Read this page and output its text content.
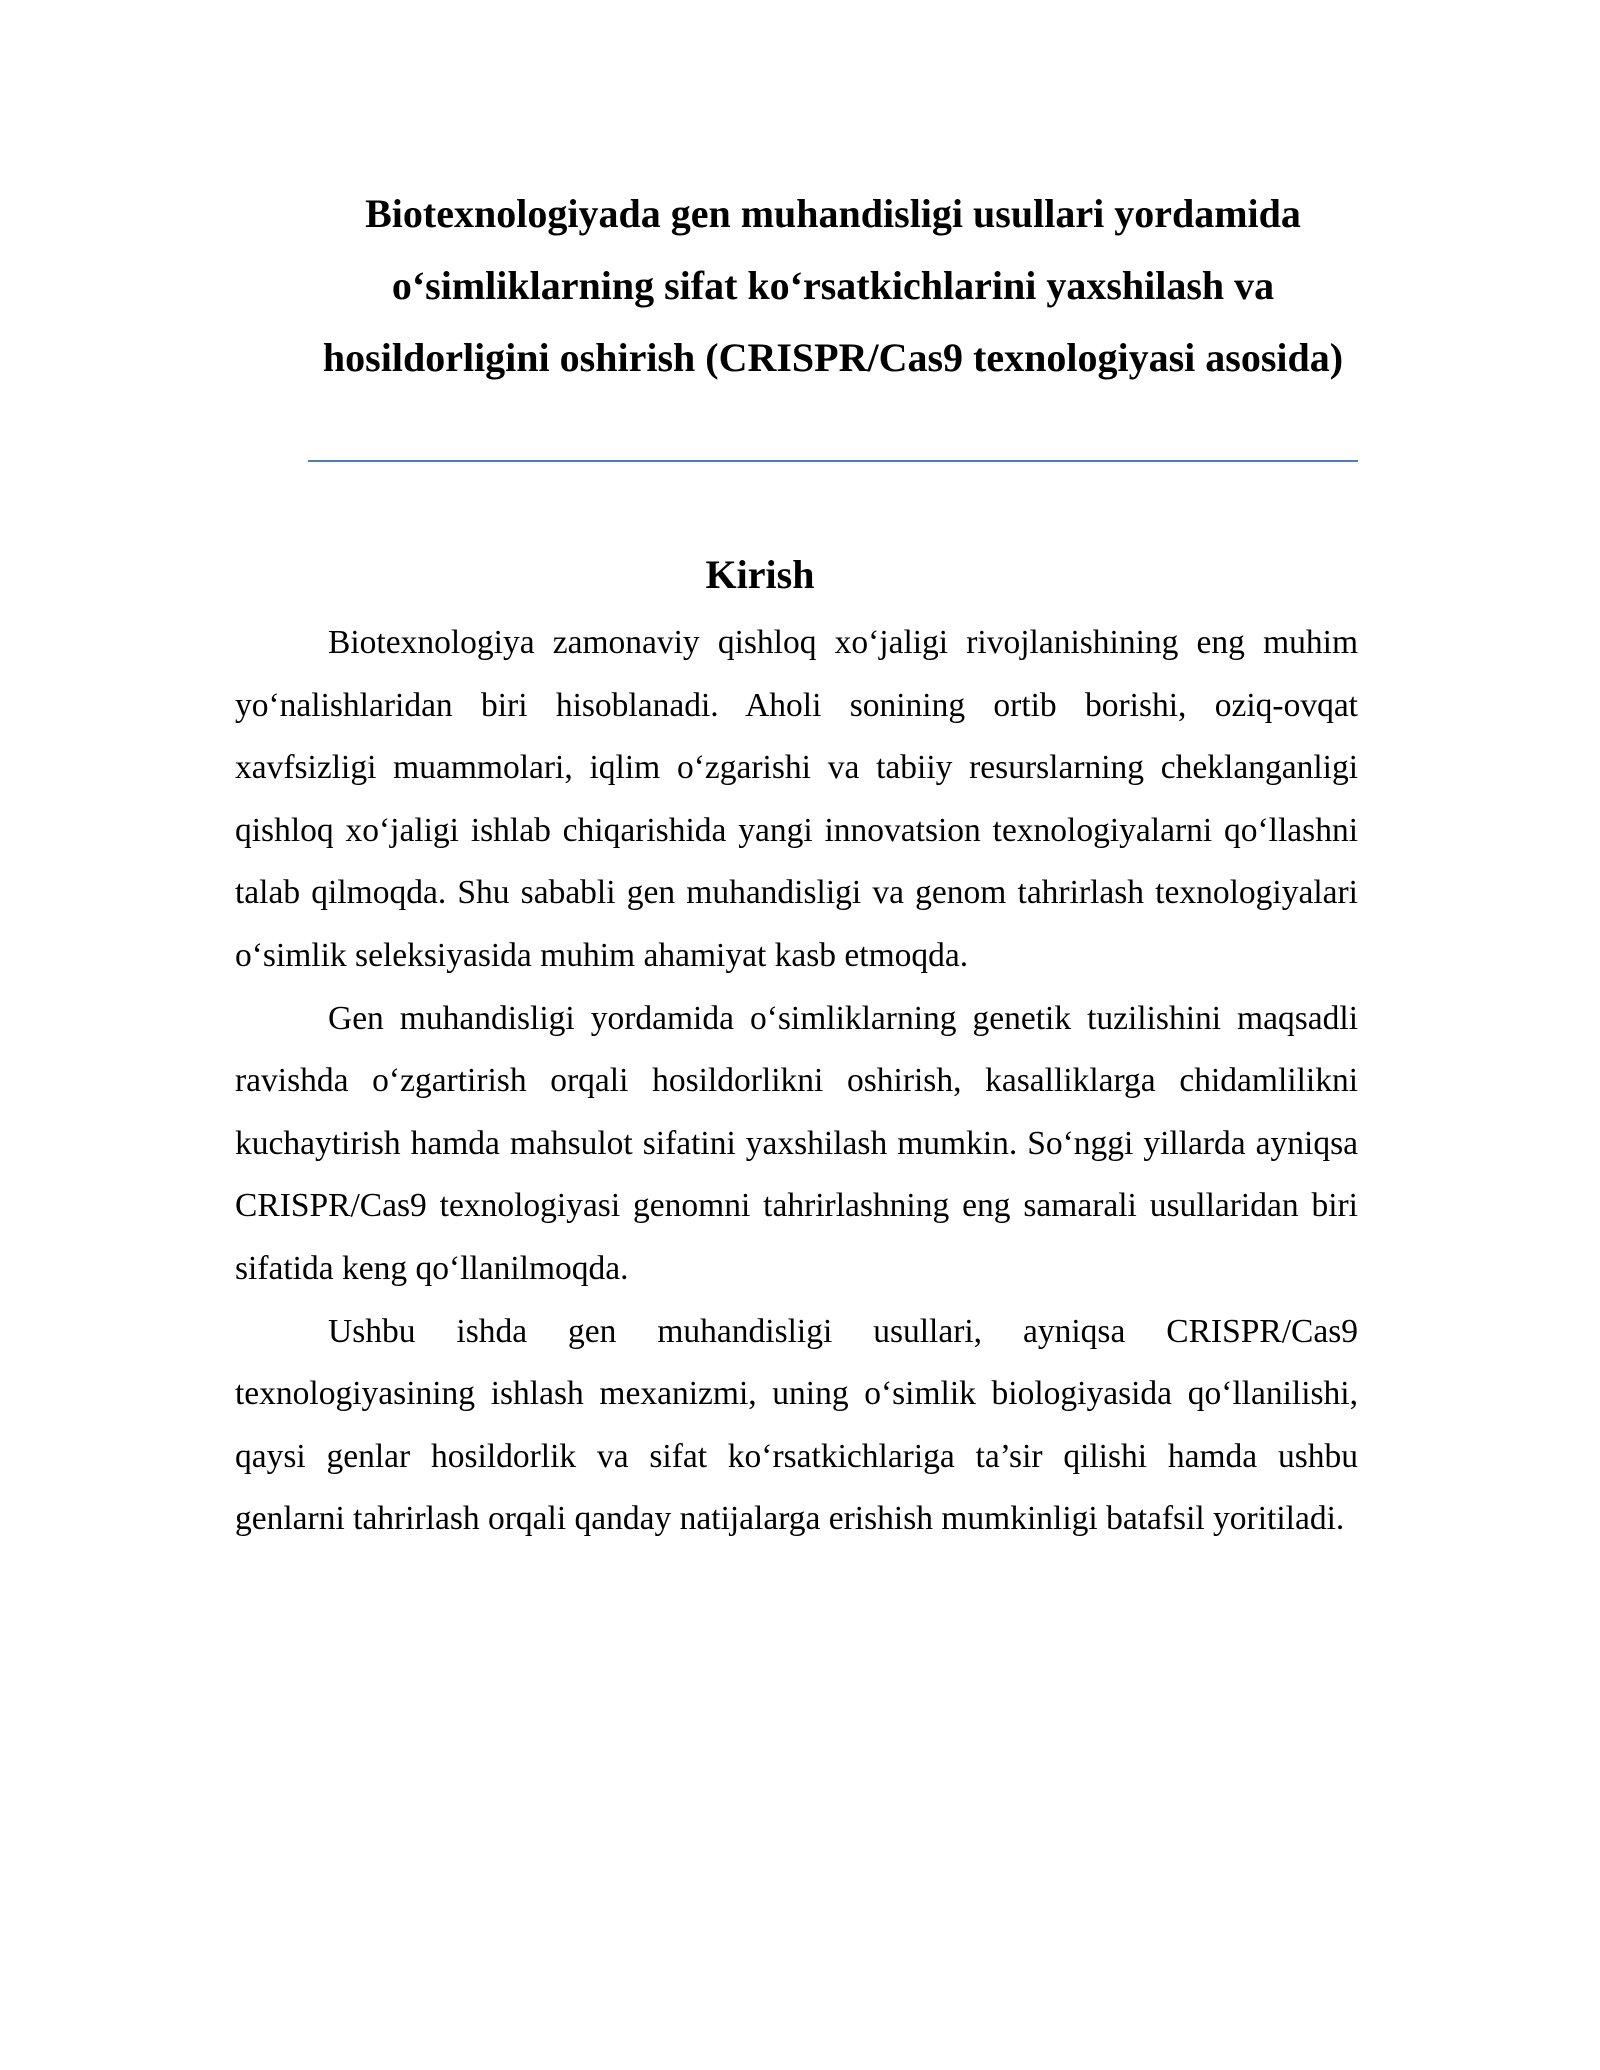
Biotexnologiyada gen muhandisligi usullari yordamida o‘simliklarning sifat ko‘rsatkichlarini yaxshilash va hosildorligini oshirish (CRISPR/Cas9 texnologiyasi asosida)
Kirish

Biotexnologiya zamonaviy qishloq xo‘jaligi rivojlanishining eng muhim yo‘nalishlaridan biri hisoblanadi. Aholi sonining ortib borishi, oziq-ovqat xavfsizligi muammolari, iqlim o‘zgarishi va tabiiy resurslarning cheklanganligi qishloq xo‘jaligi ishlab chiqarishida yangi innovatsion texnologiyalarni qo‘llashni talab qilmoqda. Shu sababli gen muhandisligi va genom tahrirlash texnologiyalari o‘simlik seleksiyasida muhim ahamiyat kasb etmoqda.

Gen muhandisligi yordamida o‘simliklarning genetik tuzilishini maqsadli ravishda o‘zgartirish orqali hosildorlikni oshirish, kasalliklarga chidamlilikni kuchaytirish hamda mahsulot sifatini yaxshilash mumkin. So‘nggi yillarda ayniqsa CRISPR/Cas9 texnologiyasi genomni tahrirlashning eng samarali usullaridan biri sifatida keng qo‘llanilmoqda.

Ushbu ishda gen muhandisligi usullari, ayniqsa CRISPR/Cas9 texnologiyasining ishlash mexanizmi, uning o‘simlik biologiyasida qo‘llanilishi, qaysi genlar hosildorlik va sifat ko‘rsatkichlariga ta’sir qilishi hamda ushbu genlarni tahrirlash orqali qanday natijalarga erishish mumkinligi batafsil yoritiladi.
